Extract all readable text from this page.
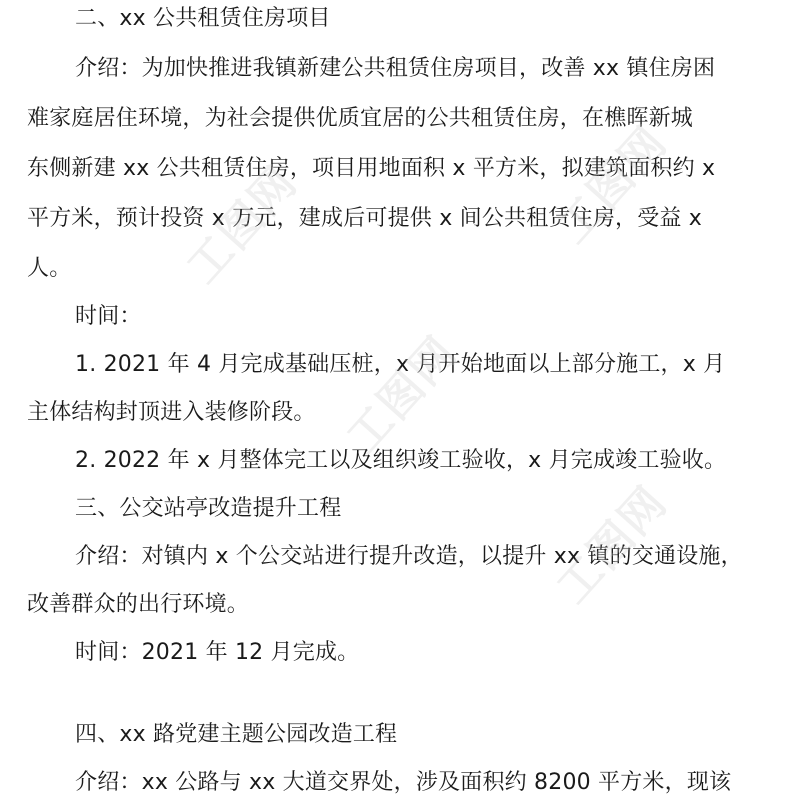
二、xx 公共租赁住房项目
介绍：为加快推进我镇新建公共租赁住房项目，改善 xx 镇住房困
难家庭居住环境，为社会提供优质宜居的公共租赁住房，在樵晖新城
东侧新建 xx 公共租赁住房，项目用地面积 x 平方米，拟建筑面积约 x
平方米，预计投资 x 万元，建成后可提供 x 间公共租赁住房，受益 x
人。
时间：
1. 2021 年 4 月完成基础压桩，x 月开始地面以上部分施工，x 月
主体结构封顶进入装修阶段。
2. 2022 年 x 月整体完工以及组织竣工验收，x 月完成竣工验收。
三、公交站亭改造提升工程
介绍：对镇内 x 个公交站进行提升改造，以提升 xx 镇的交通设施，
改善群众的出行环境。
时间：2021 年 12 月完成。
四、xx 路党建主题公园改造工程
介绍：xx 公路与 xx 大道交界处，涉及面积约 8200 平方米，现该
工图网	工图网
工图网
工图网
